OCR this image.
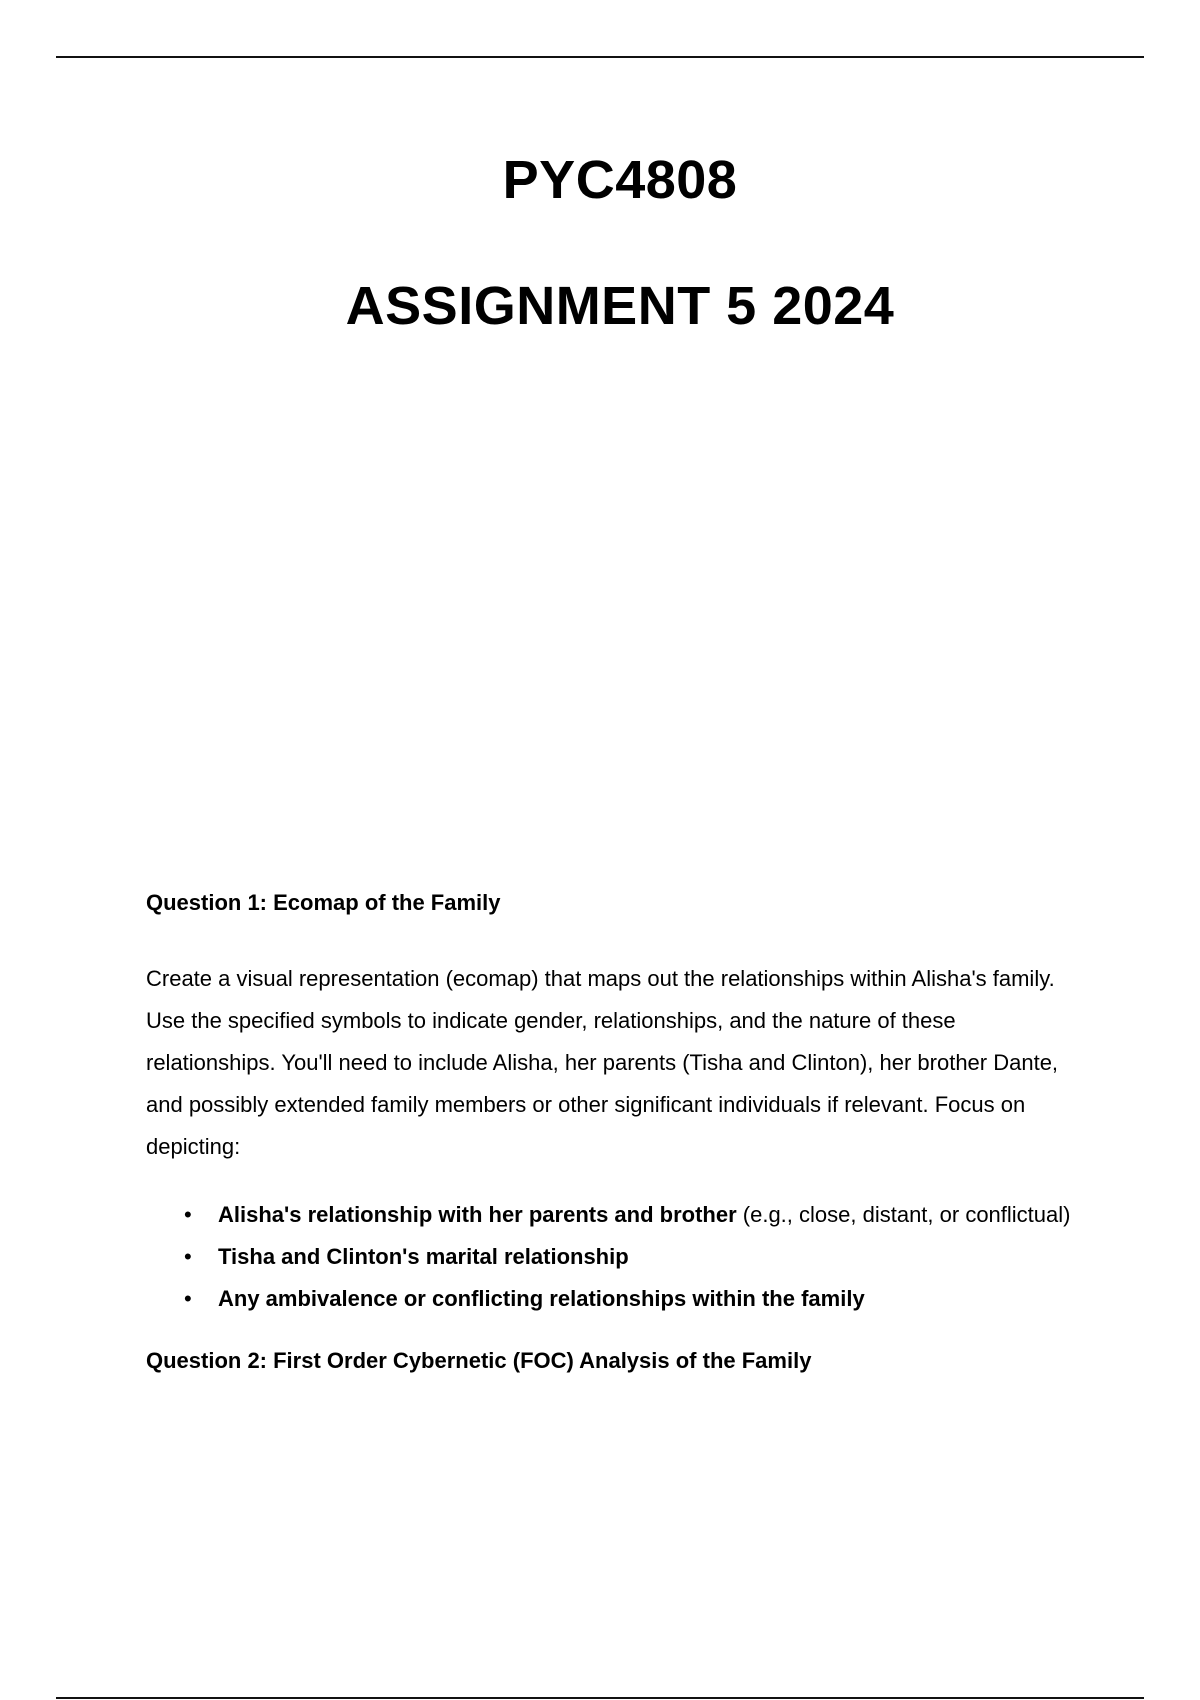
PYC4808
ASSIGNMENT 5 2024

Question 1: Ecomap of the Family

Create a visual representation (ecomap) that maps out the relationships within Alisha's family. Use the specified symbols to indicate gender, relationships, and the nature of these relationships. You'll need to include Alisha, her parents (Tisha and Clinton), her brother Dante, and possibly extended family members or other significant individuals if relevant. Focus on depicting:

• Alisha's relationship with her parents and brother (e.g., close, distant, or conflictual)
• Tisha and Clinton's marital relationship
• Any ambivalence or conflicting relationships within the family

Question 2: First Order Cybernetic (FOC) Analysis of the Family
